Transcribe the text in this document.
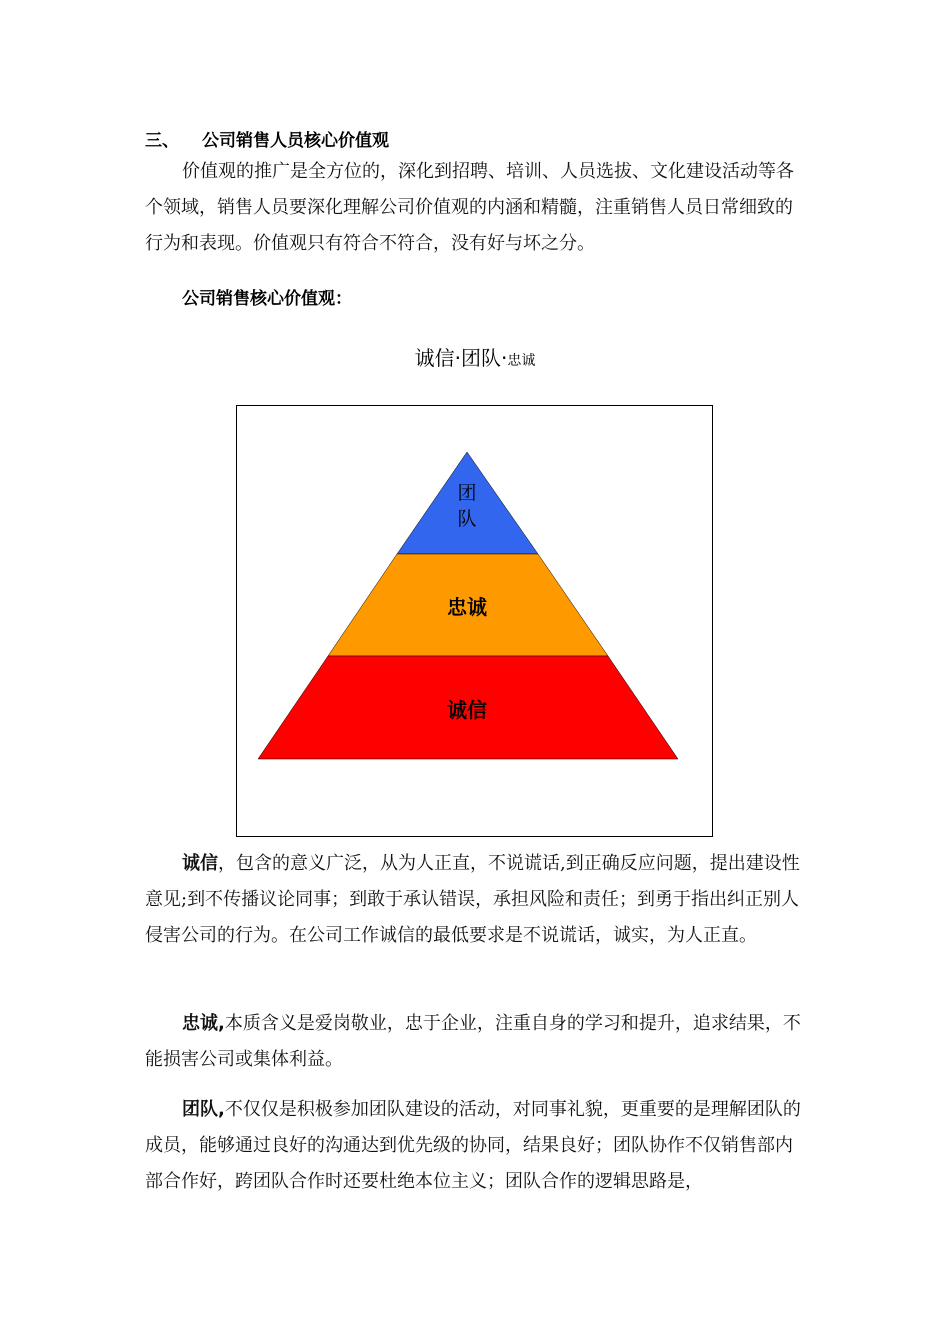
三、 公司销售人员核心价值观

价值观的推广是全方位的，深化到招聘、培训、人员选拔、文化建设活动等各个领域，销售人员要深化理解公司价值观的内涵和精髓，注重销售人员日常细致的行为和表现。价值观只有符合不符合，没有好与坏之分。

公司销售核心价值观：
诚信·团队·忠诚
团
队
忠诚
诚信

诚信，包含的意义广泛，从为人正直，不说谎话,到正确反应问题，提出建设性意见;到不传播议论同事；到敢于承认错误，承担风险和责任；到勇于指出纠正别人侵害公司的行为。在公司工作诚信的最低要求是不说谎话，诚实，为人正直。

忠诚,本质含义是爱岗敬业，忠于企业，注重自身的学习和提升，追求结果，不能损害公司或集体利益。

团队,不仅仅是积极参加团队建设的活动，对同事礼貌，更重要的是理解团队的成员，能够通过良好的沟通达到优先级的协同，结果良好；团队协作不仅销售部内部合作好，跨团队合作时还要杜绝本位主义；团队合作的逻辑思路是，
